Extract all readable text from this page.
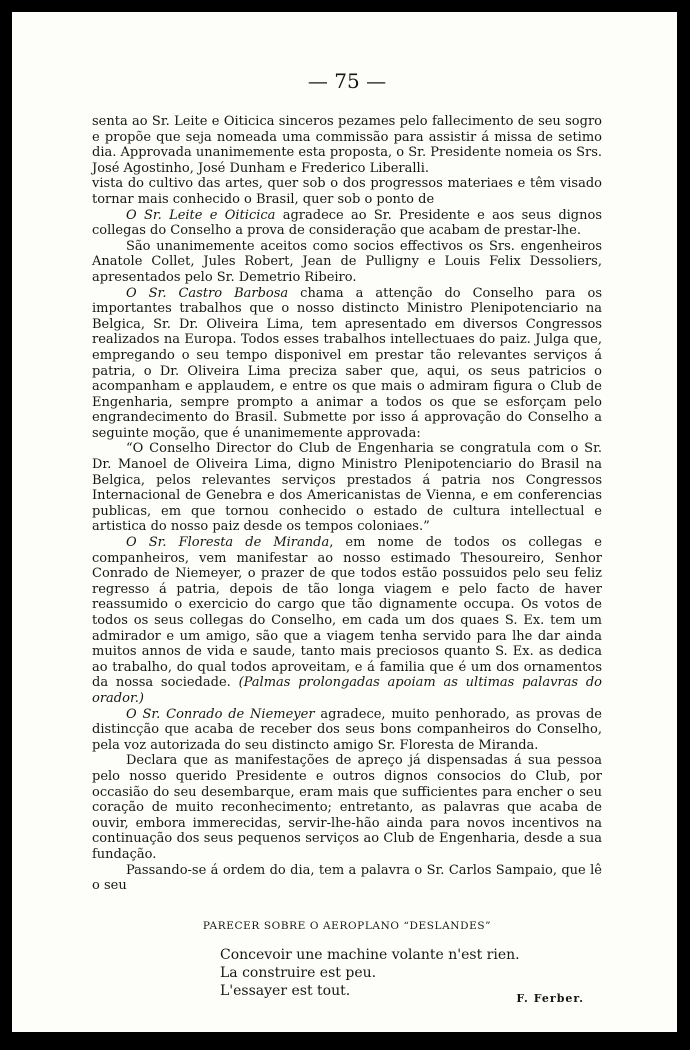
— 75 —

senta ao Sr. Leite e Oiticica sinceros pezames pelo fallecimento de seu sogro e propõe que seja nomeada uma commissão para assistir á missa de setimo dia. Approvada unanimemente esta proposta, o Sr. Presidente nomeia os Srs. José Agostinho, José Dunham e Frederico Liberalli.

vista do cultivo das artes, quer sob o dos progressos materiaes e têm visado tornar mais conhecido o Brasil, quer sob o ponto de

O Sr. Leite e Oiticica agradece ao Sr. Presidente e aos seus dignos collegas do Conselho a prova de consideração que acabam de prestar-lhe.

São unanimemente aceitos como socios effectivos os Srs. engenheiros Anatole Collet, Jules Robert, Jean de Pulligny e Louis Felix Dessoliers, apresentados pelo Sr. Demetrio Ribeiro.

O Sr. Castro Barbosa chama a attenção do Conselho para os importantes trabalhos que o nosso distincto Ministro Plenipotenciario na Belgica, Sr. Dr. Oliveira Lima, tem apresentado em diversos Congressos realizados na Europa. Todos esses trabalhos intellectuaes do paiz. Julga que, empregando o seu tempo disponivel em prestar tão relevantes serviços á patria, o Dr. Oliveira Lima preciza saber que, aqui, os seus patricios o acompanham e applaudem, e entre os que mais o admiram figura o Club de Engenharia, sempre prompto a animar a todos os que se esforçam pelo engrandecimento do Brasil. Submette por isso á approvação do Conselho a seguinte moção, que é unanimemente approvada:

“O Conselho Director do Club de Engenharia se congratula com o Sr. Dr. Manoel de Oliveira Lima, digno Ministro Plenipotenciario do Brasil na Belgica, pelos relevantes serviços prestados á patria nos Congressos Internacional de Genebra e dos Americanistas de Vienna, e em conferencias publicas, em que tornou conhecido o estado de cultura intellectual e artistica do nosso paiz desde os tempos coloniaes.”

O Sr. Floresta de Miranda, em nome de todos os collegas e companheiros, vem manifestar ao nosso estimado Thesoureiro, Senhor Conrado de Niemeyer, o prazer de que todos estão possuidos pelo seu feliz regresso á patria, depois de tão longa viagem e pelo facto de haver reassumido o exercicio do cargo que tão dignamente occupa. Os votos de todos os seus collegas do Conselho, em cada um dos quaes S. Ex. tem um admirador e um amigo, são que a viagem tenha servido para lhe dar ainda muitos annos de vida e saude, tanto mais preciosos quanto S. Ex. as dedica ao trabalho, do qual todos aproveitam, e á familia que é um dos ornamentos da nossa sociedade. (Palmas prolongadas apoiam as ultimas palavras do orador.)

O Sr. Conrado de Niemeyer agradece, muito penhorado, as provas de distincção que acaba de receber dos seus bons companheiros do Conselho, pela voz autorizada do seu distincto amigo Sr. Floresta de Miranda.

Declara que as manifestações de apreço já dispensadas á sua pessoa pelo nosso querido Presidente e outros dignos consocios do Club, por occasião do seu desembarque, eram mais que sufficientes para encher o seu coração de muito reconhecimento; entretanto, as palavras que acaba de ouvir, embora immerecidas, servir-lhe-hão ainda para novos incentivos na continuação dos seus pequenos serviços ao Club de Engenharia, desde a sua fundação.

Passando-se á ordem do dia, tem a palavra o Sr. Carlos Sampaio, que lê o seu

PARECER SOBRE O AEROPLANO “DESLANDES”
Concevoir une machine volante n'est rien.
La construire est peu.
L'essayer est tout.	F. Ferber.
